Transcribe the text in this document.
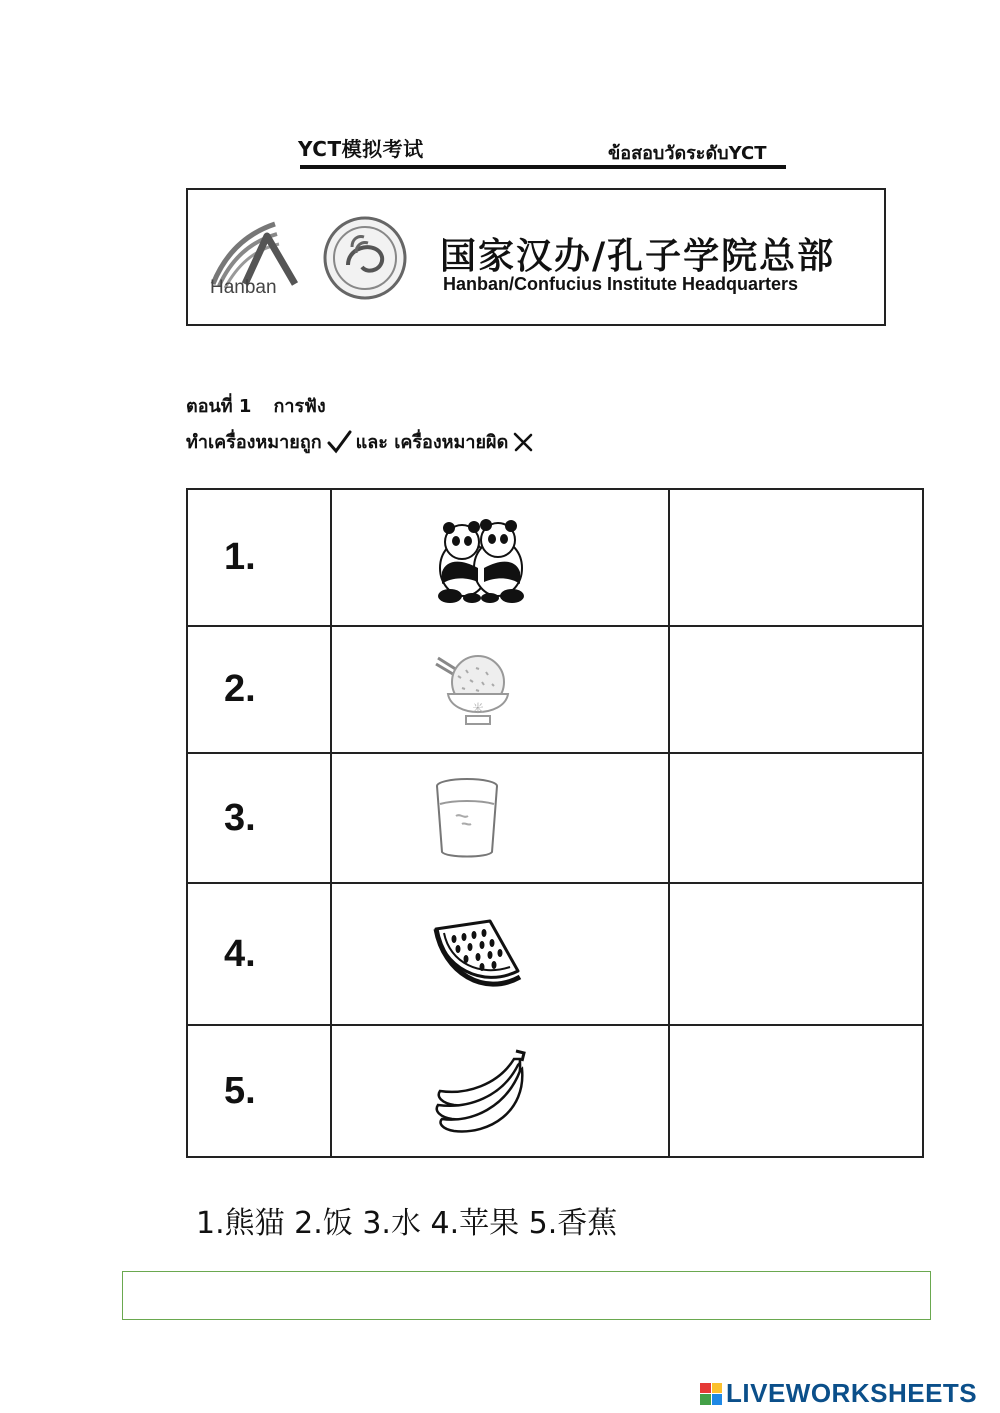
YCT模拟考试	ข้อสอบวัดระดับYCT
Hanban
国家汉办/孔子学院总部
Hanban/Confucius Institute Headquarters
ตอนที่ 1 การฟัง
ทำเครื่องหมายถูก และ เครื่องหมายผิด
1.	

2.	米	

3.	

4.	

5.	

1.熊猫 2.饭 3.水 4.苹果 5.香蕉
LIVEWORKSHEETS
